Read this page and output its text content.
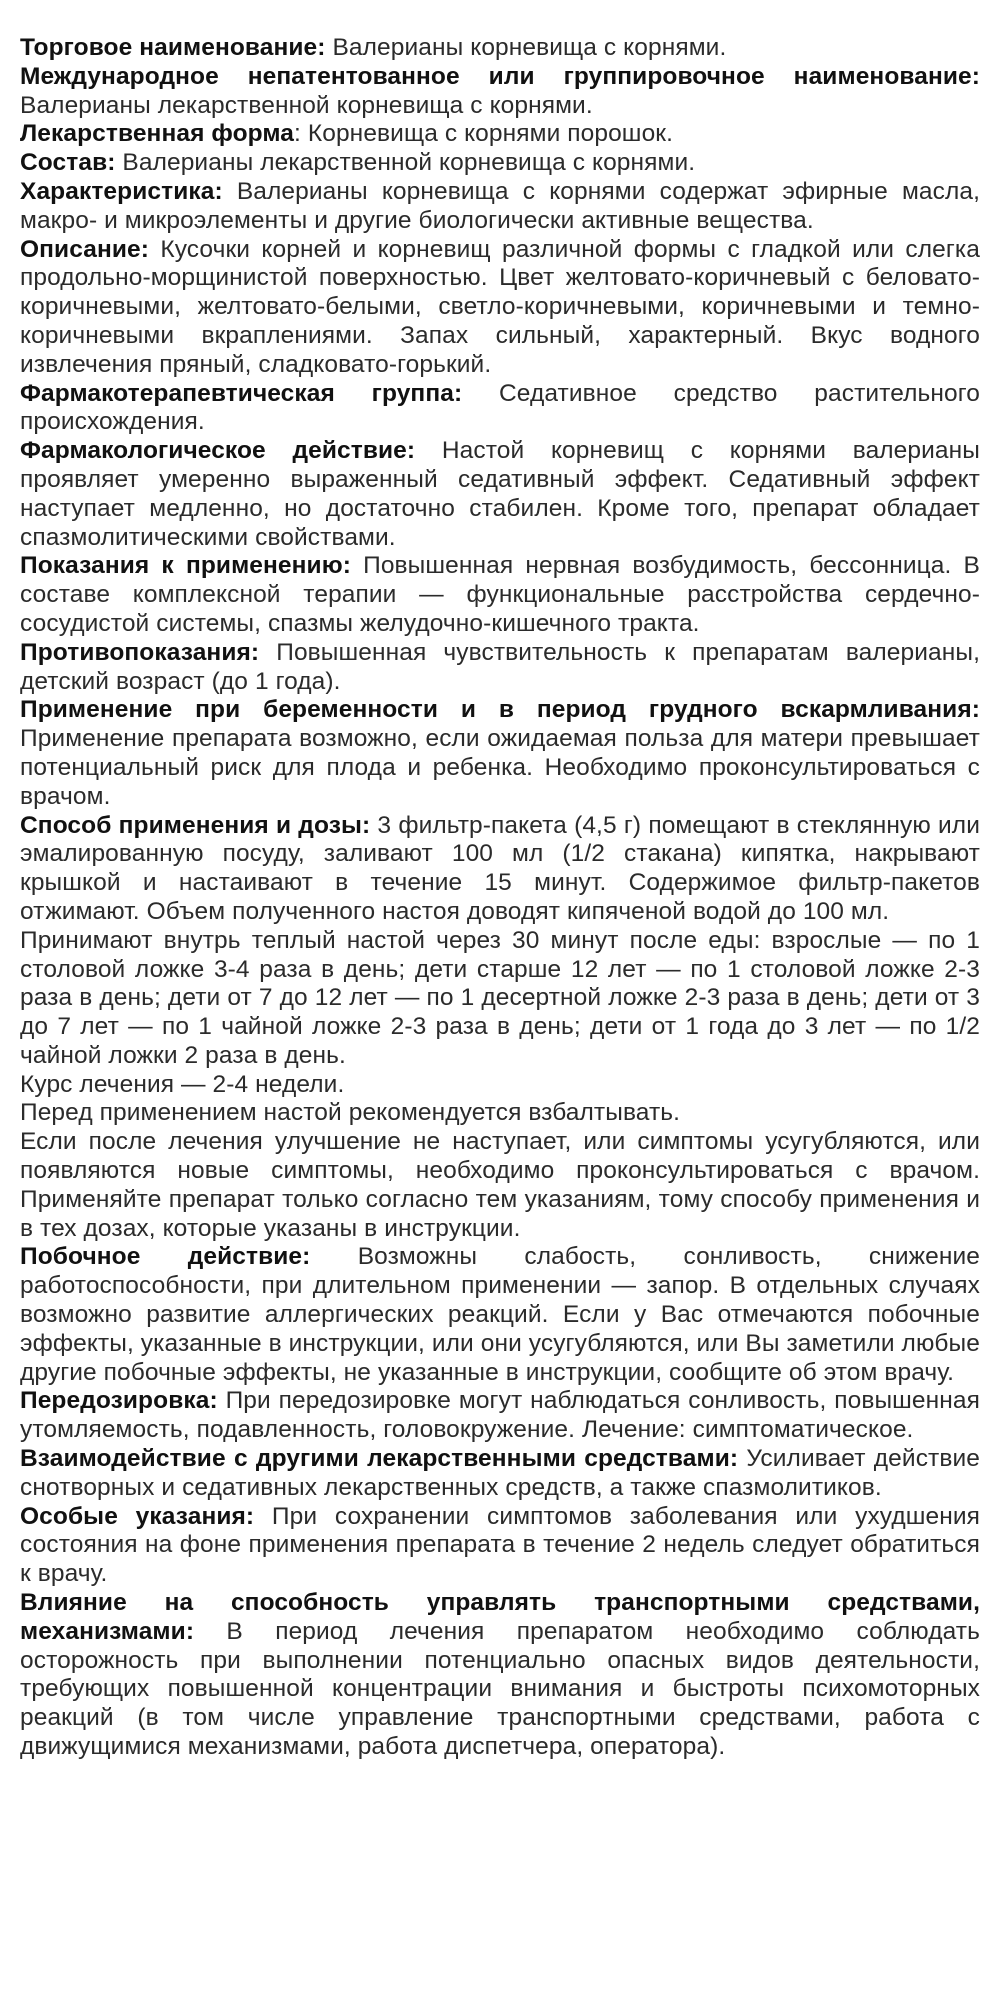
Торговое наименование: Валерианы корневища с корнями.

Международное непатентованное или группировочное наименование: Валерианы лекарственной корневища с корнями.

Лекарственная форма: Корневища с корнями порошок.

Состав: Валерианы лекарственной корневища с корнями.

Характеристика: Валерианы корневища с корнями содержат эфирные масла, макро- и микроэлементы и другие биологически активные вещества.

Описание: Кусочки корней и корневищ различной формы с гладкой или слегка продольно-морщинистой поверхностью. Цвет желтовато-коричневый с беловато-коричневыми, желтовато-белыми, светло-коричневыми, коричневыми и темно-коричневыми вкраплениями. Запах сильный, характерный. Вкус водного извлечения пряный, сладковато-горький.

Фармакотерапевтическая группа: Седативное средство растительного происхождения.

Фармакологическое действие: Настой корневищ с корнями валерианы проявляет умеренно выраженный седативный эффект. Седативный эффект наступает медленно, но достаточно стабилен. Кроме того, препарат обладает спазмолитическими свойствами.

Показания к применению: Повышенная нервная возбудимость, бессонница. В составе комплексной терапии — функциональные расстройства сердечно-сосудистой системы, спазмы желудочно-кишечного тракта.

Противопоказания: Повышенная чувствительность к препаратам валерианы, детский возраст (до 1 года).

Применение при беременности и в период грудного вскармливания: Применение препарата возможно, если ожидаемая польза для матери превышает потенциальный риск для плода и ребенка. Необходимо проконсультироваться с врачом.

Способ применения и дозы: 3 фильтр-пакета (4,5 г) помещают в стеклянную или эмалированную посуду, заливают 100 мл (1/2 стакана) кипятка, накрывают крышкой и настаивают в течение 15 минут. Содержимое фильтр-пакетов отжимают. Объем полученного настоя доводят кипяченой водой до 100 мл.

Принимают внутрь теплый настой через 30 минут после еды: взрослые — по 1 столовой ложке 3-4 раза в день; дети старше 12 лет — по 1 столовой ложке 2-3 раза в день; дети от 7 до 12 лет — по 1 десертной ложке 2-3 раза в день; дети от 3 до 7 лет — по 1 чайной ложке 2-3 раза в день; дети от 1 года до 3 лет — по 1/2 чайной ложки 2 раза в день.

Курс лечения — 2-4 недели.

Перед применением настой рекомендуется взбалтывать.

Если после лечения улучшение не наступает, или симптомы усугубляются, или появляются новые симптомы, необходимо проконсультироваться с врачом. Применяйте препарат только согласно тем указаниям, тому способу применения и в тех дозах, которые указаны в инструкции.

Побочное действие: Возможны слабость, сонливость, снижение работоспособности, при длительном применении — запор. В отдельных случаях возможно развитие аллергических реакций. Если у Вас отмечаются побочные эффекты, указанные в инструкции, или они усугубляются, или Вы заметили любые другие побочные эффекты, не указанные в инструкции, сообщите об этом врачу.

Передозировка: При передозировке могут наблюдаться сонливость, повышенная утомляемость, подавленность, головокружение. Лечение: симптоматическое.

Взаимодействие с другими лекарственными средствами: Усиливает действие снотворных и седативных лекарственных средств, а также спазмолитиков.

Особые указания: При сохранении симптомов заболевания или ухудшения состояния на фоне применения препарата в течение 2 недель следует обратиться к врачу.

Влияние на способность управлять транспортными средствами, механизмами: В период лечения препаратом необходимо соблюдать осторожность при выполнении потенциально опасных видов деятельности, требующих повышенной концентрации внимания и быстроты психомоторных реакций (в том числе управление транспортными средствами, работа с движущимися механизмами, работа диспетчера, оператора).
